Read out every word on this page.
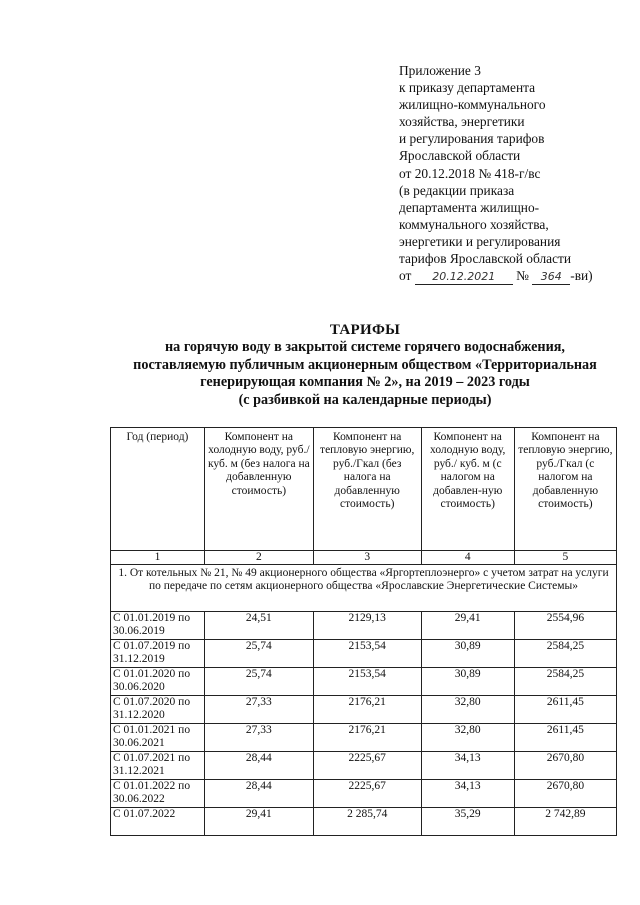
Приложение 3
к приказу департамента
жилищно-коммунального
хозяйства, энергетики
и регулирования тарифов
Ярославской области
от 20.12.2018 № 418-г/вс
(в редакции приказа
департамента жилищно-
коммунального хозяйства,
энергетики и регулирования
тарифов Ярославской области
от 20.12.2021 № 364 -ви)
ТАРИФЫ
на горячую воду в закрытой системе горячего водоснабжения,
поставляемую публичным акционерным обществом «Территориальная
генерирующая компания № 2», на 2019 – 2023 годы
(с разбивкой на календарные периоды)
Год (период)	Компонент на холодную воду, руб./ куб. м (без налога на добавленную стоимость)	Компонент на тепловую энергию, руб./Гкал (без налога на добавленную стоимость)	Компонент на холодную воду, руб./ куб. м (с налогом на добавлен-ную стоимость)	Компонент на тепловую энергию, руб./Гкал (с налогом на добавленную стоимость)
1	2	3	4	5
1. От котельных № 21, № 49 акционерного общества «Яргортеплоэнерго» с учетом затрат на услуги по передаче по сетям акционерного общества «Ярославские Энергетические Системы»				
С 01.01.2019 по 30.06.2019	24,51	2129,13	29,41	2554,96
С 01.07.2019 по 31.12.2019	25,74	2153,54	30,89	2584,25
С 01.01.2020 по 30.06.2020	25,74	2153,54	30,89	2584,25
С 01.07.2020 по 31.12.2020	27,33	2176,21	32,80	2611,45
С 01.01.2021 по 30.06.2021	27,33	2176,21	32,80	2611,45
С 01.07.2021 по 31.12.2021	28,44	2225,67	34,13	2670,80
С 01.01.2022 по 30.06.2022	28,44	2225,67	34,13	2670,80
С 01.07.2022	29,41	2 285,74	35,29	2 742,89
